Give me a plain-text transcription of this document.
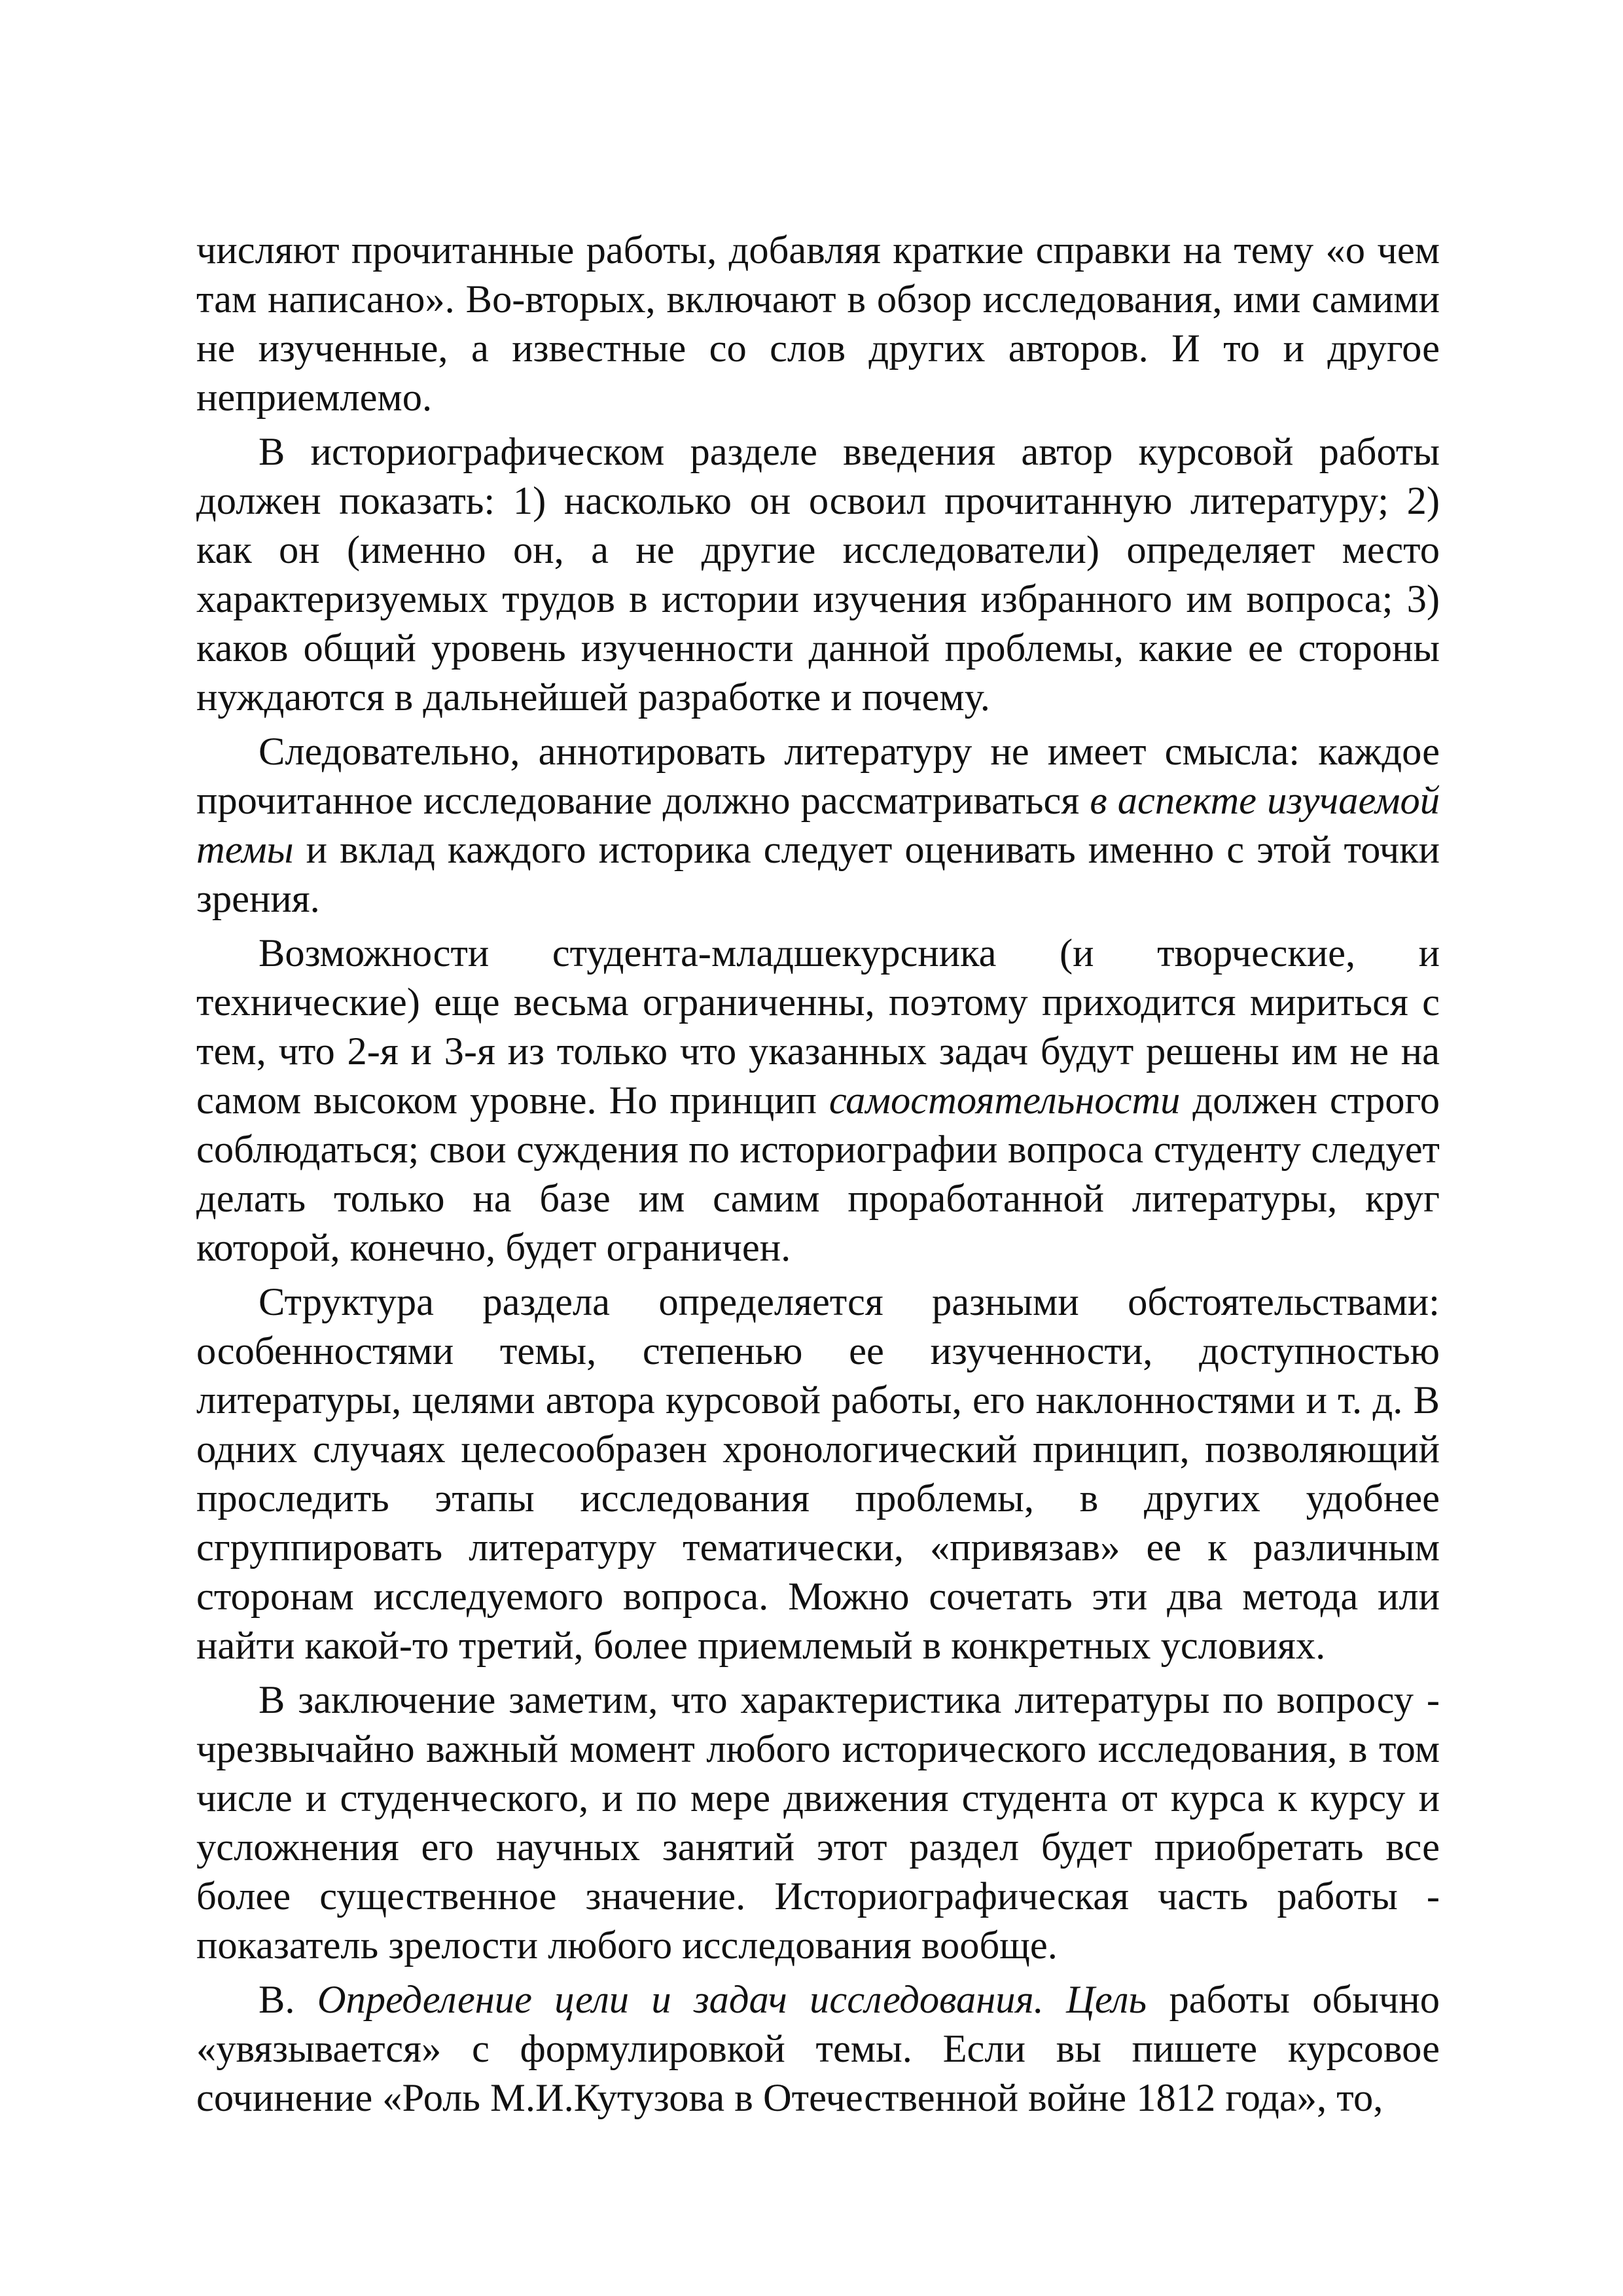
числяют прочитанные работы, добавляя краткие справки на тему «о чем там написано». Во-вторых, включают в обзор исследования, ими самими не изученные, а известные со слов других авторов. И то и другое неприемлемо.

В историографическом разделе введения автор курсовой работы должен показать: 1) насколько он освоил прочитанную литературу; 2) как он (именно он, а не другие исследователи) определяет место характеризуемых трудов в истории изучения избранного им вопроса; 3) каков общий уровень изученности данной проблемы, какие ее стороны нуждаются в дальнейшей разработке и почему.

Следовательно, аннотировать литературу не имеет смысла: каждое прочитанное исследование должно рассматриваться в аспекте изучаемой темы и вклад каждого историка следует оценивать именно с этой точки зрения.

Возможности студента-младшекурсника (и творческие, и технические) еще весьма ограниченны, поэтому приходится мириться с тем, что 2-я и 3-я из только что указанных задач будут решены им не на самом высоком уровне. Но принцип самостоятельности должен строго соблюдаться; свои суждения по историографии вопроса студенту следует делать только на базе им самим проработанной литературы, круг которой, конечно, будет ограничен.

Структура раздела определяется разными обстоятельствами: особенностями темы, степенью ее изученности, доступностью литературы, целями автора курсовой работы, его наклонностями и т. д. В одних случаях целесообразен хронологический принцип, позволяющий проследить этапы исследования проблемы, в других удобнее сгруппировать литературу тематически, «привязав» ее к различным сторонам исследуемого вопроса. Можно сочетать эти два метода или найти какой-то третий, более приемлемый в конкретных условиях.

В заключение заметим, что характеристика литературы по вопросу - чрезвычайно важный момент любого исторического исследования, в том числе и студенческого, и по мере движения студента от курса к курсу и усложнения его научных занятий этот раздел будет приобретать все более существенное значение. Историографическая часть работы - показатель зрелости любого исследования вообще.

В. Определение цели и задач исследования. Цель работы обычно «увязывается» с формулировкой темы. Если вы пишете курсовое сочинение «Роль М.И.Кутузова в Отечественной войне 1812 года», то,
